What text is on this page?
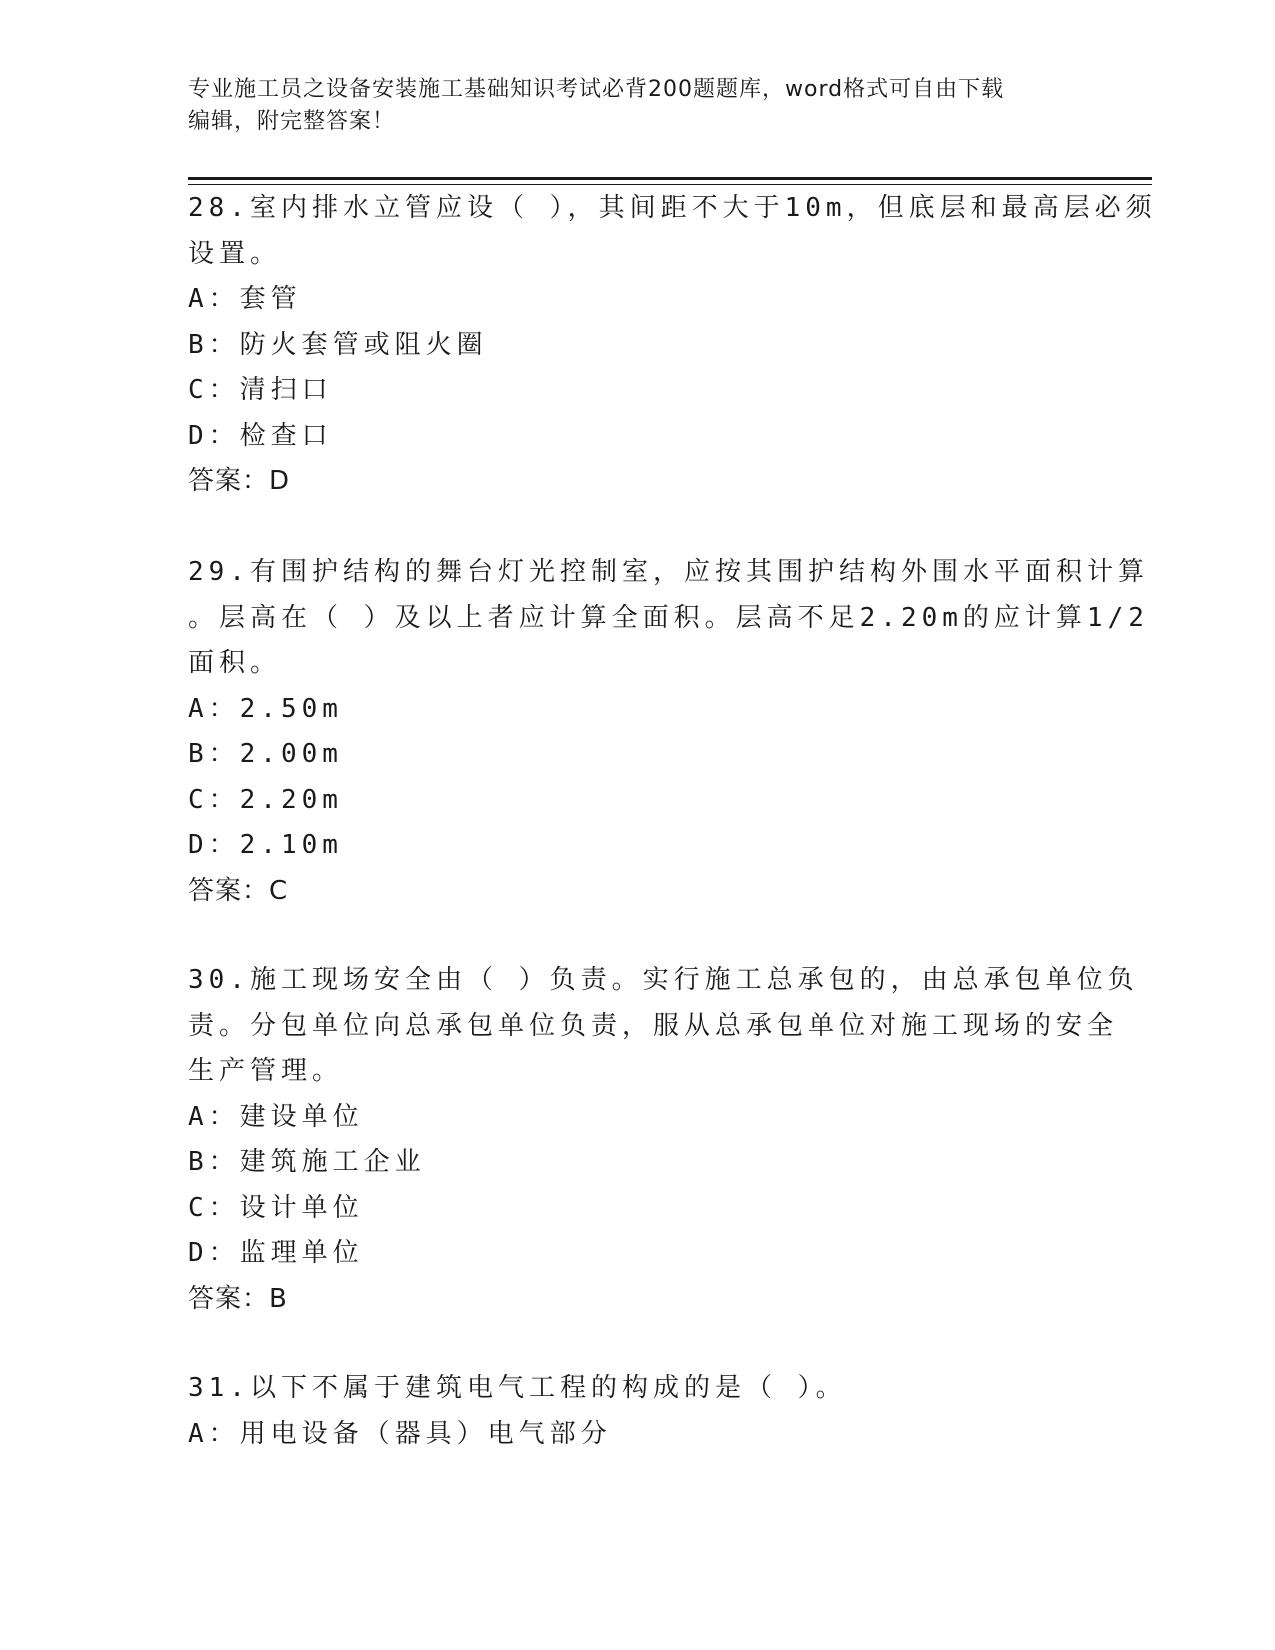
专业施工员之设备安装施工基础知识考试必背200题题库，word格式可自由下载
编辑，附完整答案！
28.室内排水立管应设（ ），其间距不大于10m，但底层和最高层必须
设置。
A：套管
B：防火套管或阻火圈
C：清扫口
D：检查口
答案：D
29.有围护结构的舞台灯光控制室，应按其围护结构外围水平面积计算
。层高在（ ）及以上者应计算全面积。层高不足2.20m的应计算1/2
面积。
A：2.50m
B：2.00m
C：2.20m
D：2.10m
答案：C
30.施工现场安全由（ ）负责。实行施工总承包的，由总承包单位负
责。分包单位向总承包单位负责，服从总承包单位对施工现场的安全
生产管理。
A：建设单位
B：建筑施工企业
C：设计单位
D：监理单位
答案：B
31.以下不属于建筑电气工程的构成的是（ ）。
A：用电设备（器具）电气部分
